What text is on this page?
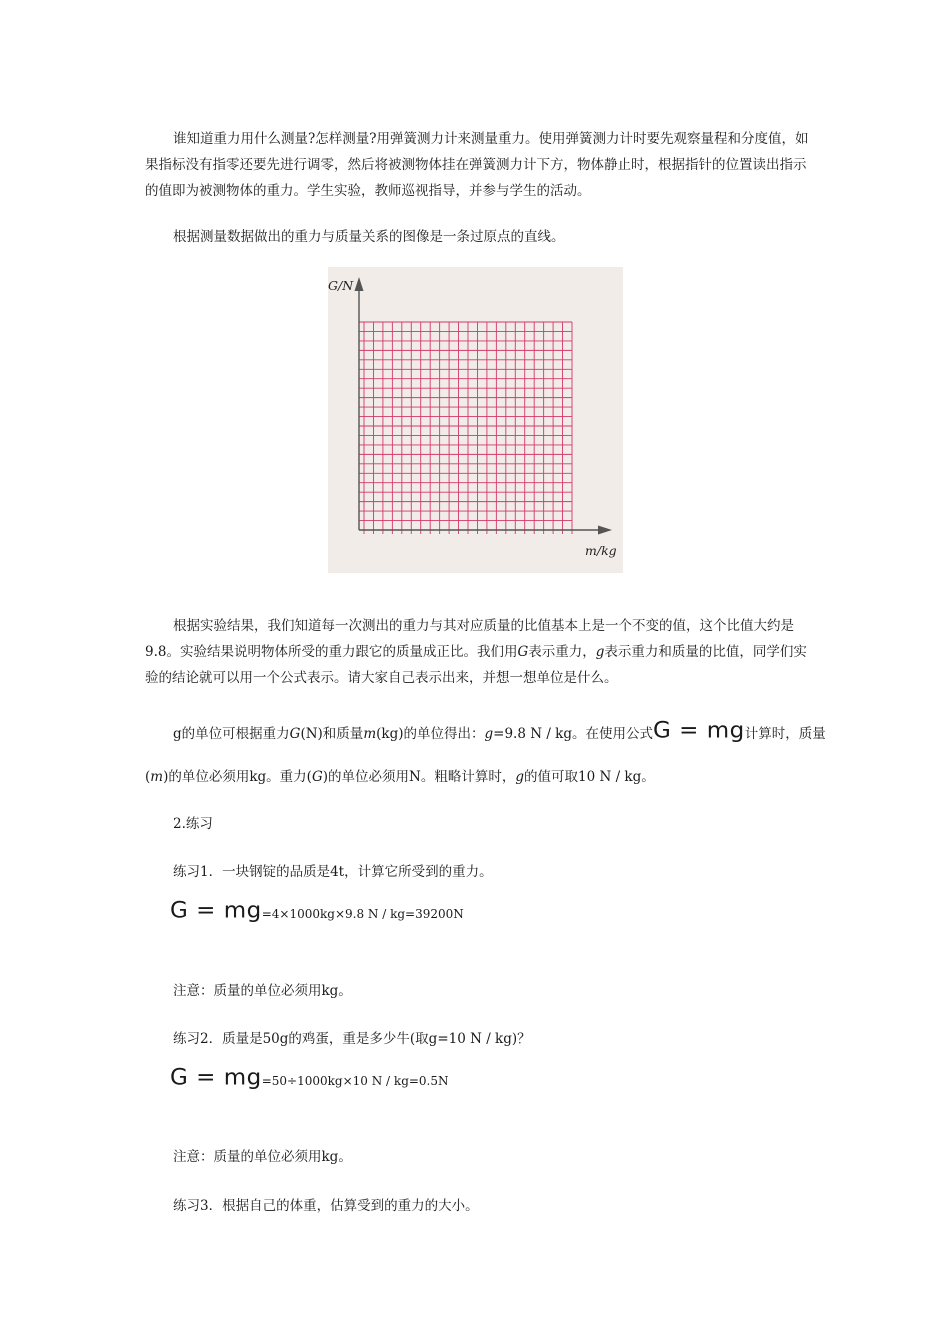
谁知道重力用什么测量?怎样测量?用弹簧测力计来测量重力。使用弹簧测力计时要先观察量程和分度值，如果指标没有指零还要先进行调零，然后将被测物体挂在弹簧测力计下方，物体静止时，根据指针的位置读出指示的值即为被测物体的重力。学生实验，教师巡视指导，并参与学生的活动。

根据测量数据做出的重力与质量关系的图像是一条过原点的直线。

G/N
m/kg

根据实验结果，我们知道每一次测出的重力与其对应质量的比值基本上是一个不变的值，这个比值大约是9.8。实验结果说明物体所受的重力跟它的质量成正比。我们用G表示重力，g表示重力和质量的比值，同学们实验的结论就可以用一个公式表示。请大家自己表示出来，并想一想单位是什么。

g的单位可根据重力G(N)和质量m(kg)的单位得出：g=9.8 N / kg。在使用公式G = mg计算时，质量

(m)的单位必须用kg。重力(G)的单位必须用N。粗略计算时，g的值可取10 N / kg。

2.练习

练习1．一块钢锭的品质是4t，计算它所受到的重力。

G = mg=4×1000kg×9.8 N / kg=39200N

注意：质量的单位必须用kg。

练习2．质量是50g的鸡蛋，重是多少牛(取g=10 N / kg)？

G = mg=50÷1000kg×10 N / kg=0.5N

注意：质量的单位必须用kg。

练习3．根据自己的体重，估算受到的重力的大小。
